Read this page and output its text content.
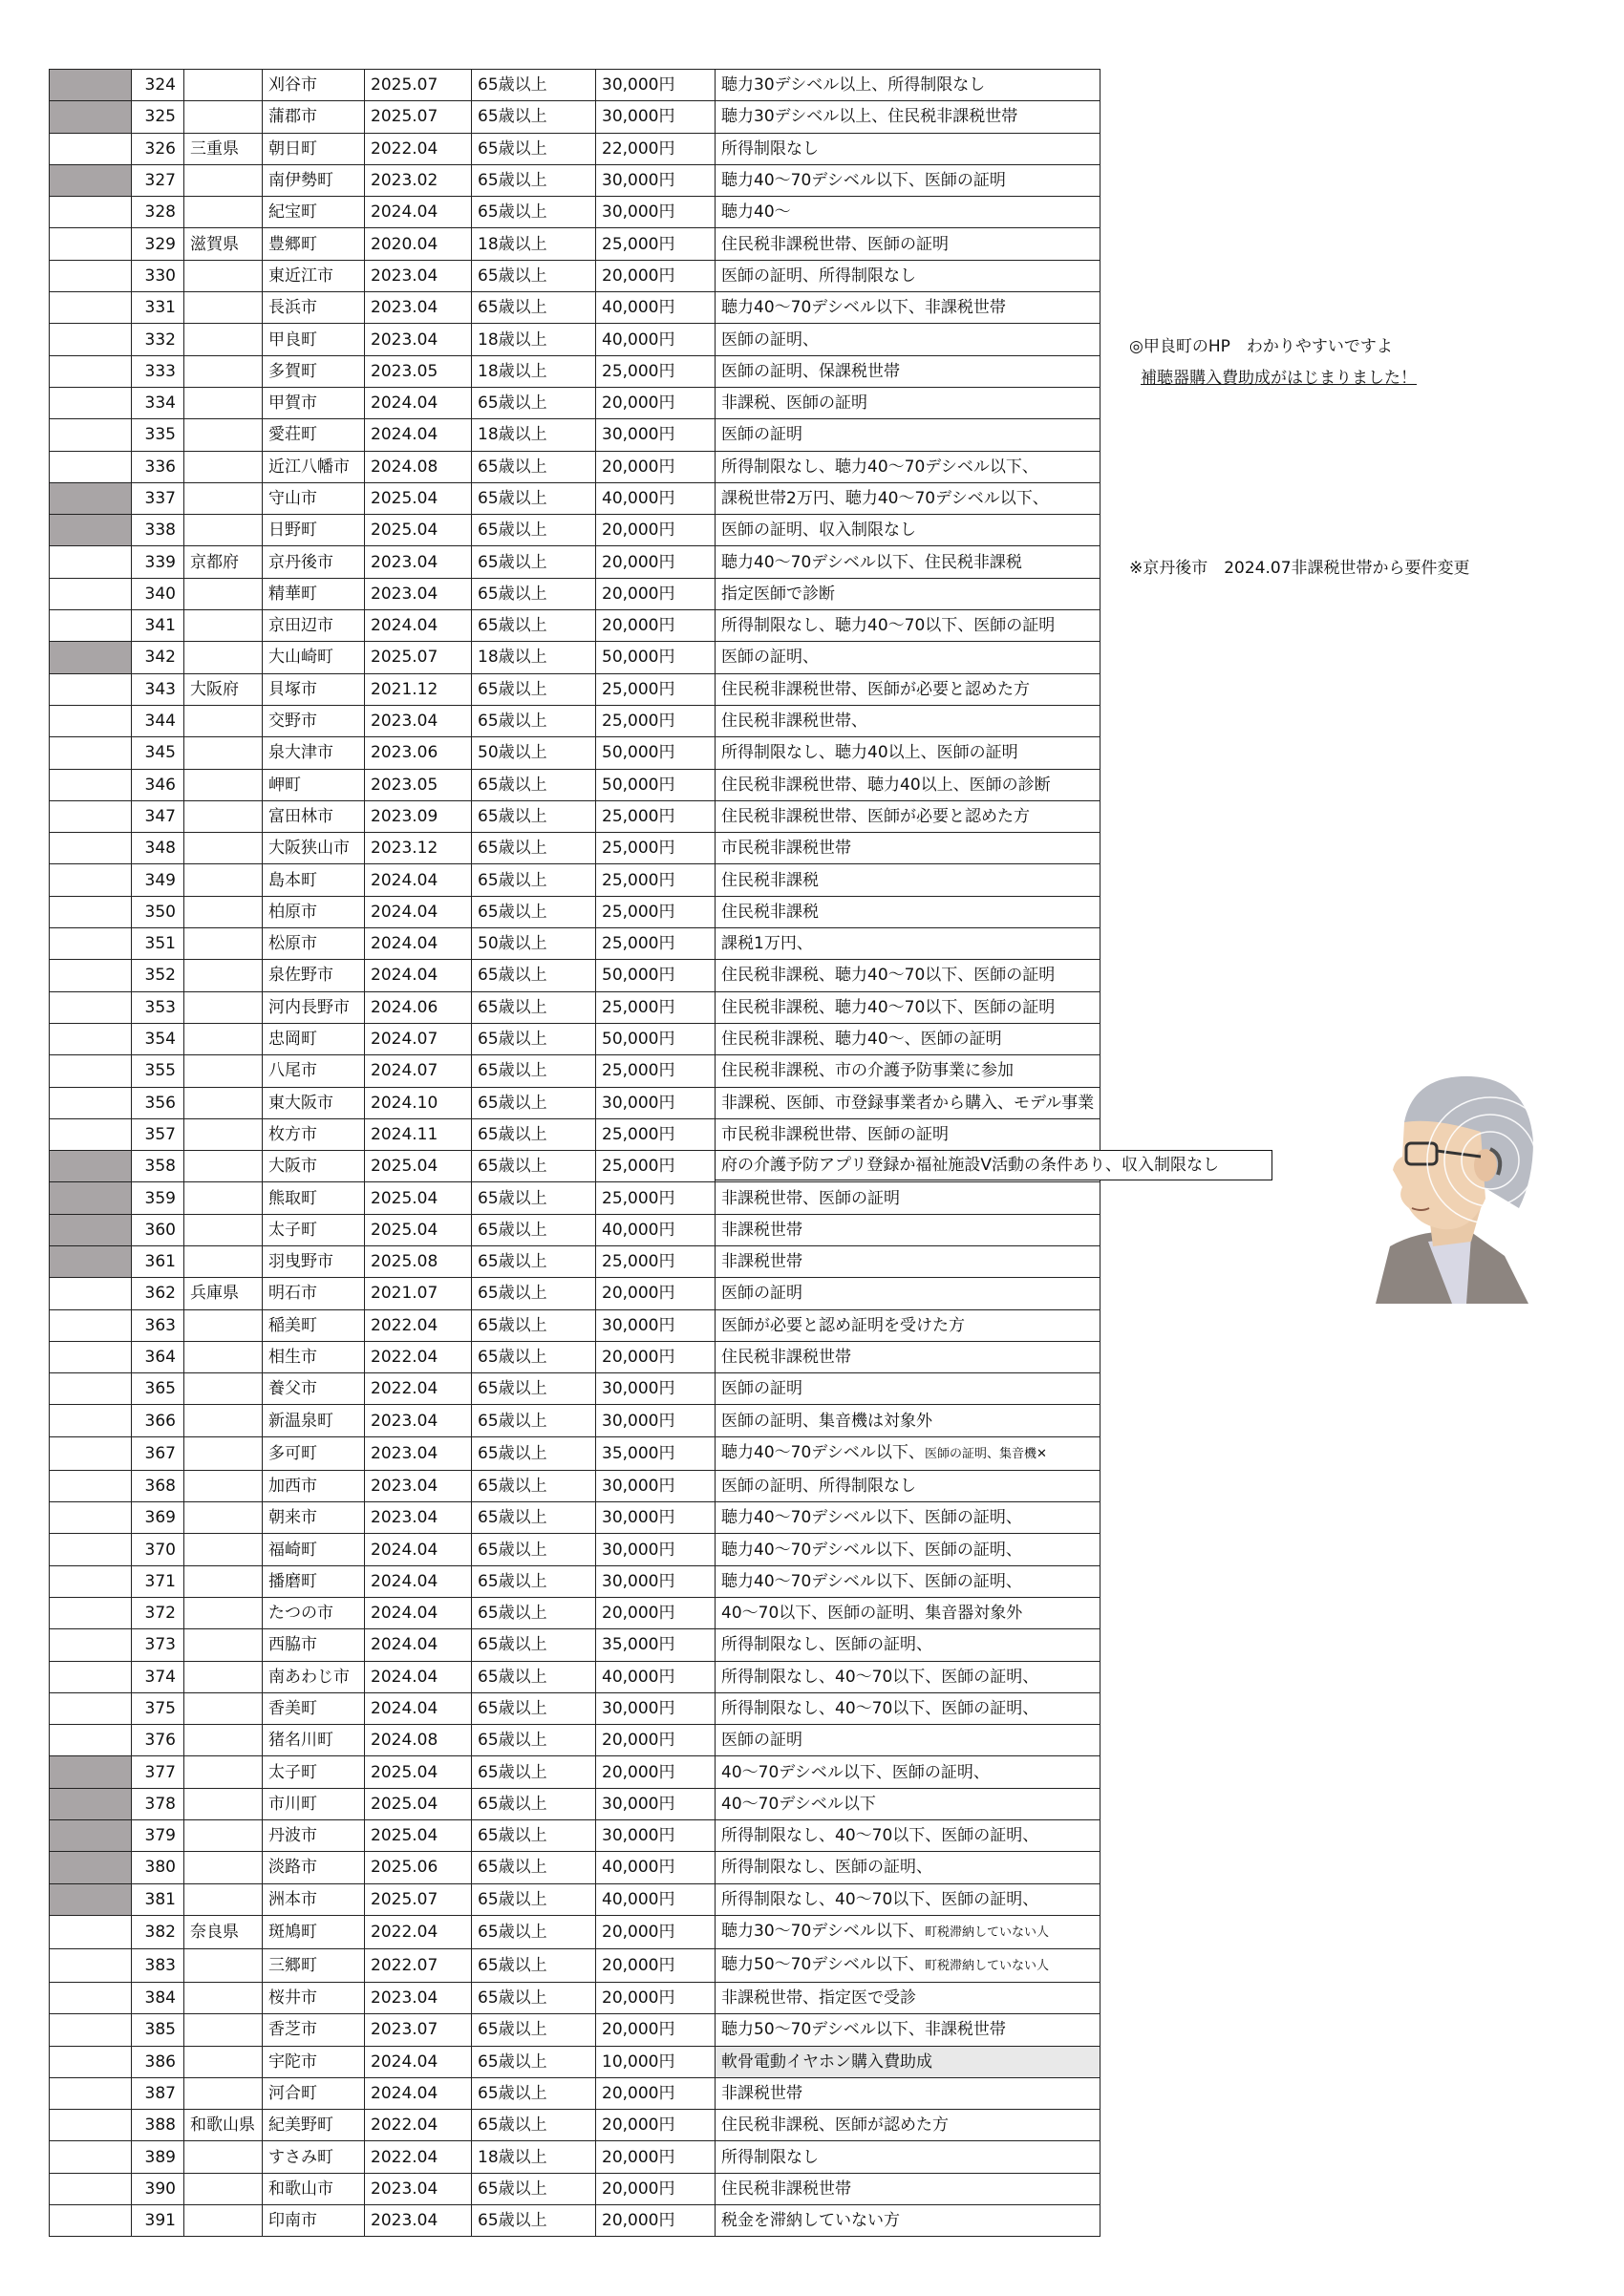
	324		刈谷市	2025.07	65歳以上	30,000円	聴力30デシベル以上、所得制限なし
	325		蒲郡市	2025.07	65歳以上	30,000円	聴力30デシベル以上、住民税非課税世帯
	326	三重県	朝日町	2022.04	65歳以上	22,000円	所得制限なし
	327		南伊勢町	2023.02	65歳以上	30,000円	聴力40～70デシベル以下、医師の証明
	328		紀宝町	2024.04	65歳以上	30,000円	聴力40～
	329	滋賀県	豊郷町	2020.04	18歳以上	25,000円	住民税非課税世帯、医師の証明
	330		東近江市	2023.04	65歳以上	20,000円	医師の証明、所得制限なし
	331		長浜市	2023.04	65歳以上	40,000円	聴力40～70デシベル以下、非課税世帯
	332		甲良町	2023.04	18歳以上	40,000円	医師の証明、
	333		多賀町	2023.05	18歳以上	25,000円	医師の証明、保課税世帯
	334		甲賀市	2024.04	65歳以上	20,000円	非課税、医師の証明
	335		愛荘町	2024.04	18歳以上	30,000円	医師の証明
	336		近江八幡市	2024.08	65歳以上	20,000円	所得制限なし、聴力40～70デシベル以下、
	337		守山市	2025.04	65歳以上	40,000円	課税世帯2万円、聴力40～70デシベル以下、
	338		日野町	2025.04	65歳以上	20,000円	医師の証明、収入制限なし
	339	京都府	京丹後市	2023.04	65歳以上	20,000円	聴力40～70デシベル以下、住民税非課税
	340		精華町	2023.04	65歳以上	20,000円	指定医師で診断
	341		京田辺市	2024.04	65歳以上	20,000円	所得制限なし、聴力40～70以下、医師の証明
	342		大山崎町	2025.07	18歳以上	50,000円	医師の証明、
	343	大阪府	貝塚市	2021.12	65歳以上	25,000円	住民税非課税世帯、医師が必要と認めた方
	344		交野市	2023.04	65歳以上	25,000円	住民税非課税世帯、
	345		泉大津市	2023.06	50歳以上	50,000円	所得制限なし、聴力40以上、医師の証明
	346		岬町	2023.05	65歳以上	50,000円	住民税非課税世帯、聴力40以上、医師の診断
	347		富田林市	2023.09	65歳以上	25,000円	住民税非課税世帯、医師が必要と認めた方
	348		大阪狭山市	2023.12	65歳以上	25,000円	市民税非課税世帯
	349		島本町	2024.04	65歳以上	25,000円	住民税非課税
	350		柏原市	2024.04	65歳以上	25,000円	住民税非課税
	351		松原市	2024.04	50歳以上	25,000円	課税1万円、
	352		泉佐野市	2024.04	65歳以上	50,000円	住民税非課税、聴力40～70以下、医師の証明
	353		河内長野市	2024.06	65歳以上	25,000円	住民税非課税、聴力40～70以下、医師の証明
	354		忠岡町	2024.07	65歳以上	50,000円	住民税非課税、聴力40～、医師の証明
	355		八尾市	2024.07	65歳以上	25,000円	住民税非課税、市の介護予防事業に参加
	356		東大阪市	2024.10	65歳以上	30,000円	非課税、医師、市登録事業者から購入、モデル事業
	357		枚方市	2024.11	65歳以上	25,000円	市民税非課税世帯、医師の証明
	358		大阪市	2025.04	65歳以上	25,000円	府の介護予防アプリ登録か福祉施設V活動の条件あり、収入制限なし

	359		熊取町	2025.04	65歳以上	25,000円	非課税世帯、医師の証明
	360		太子町	2025.04	65歳以上	40,000円	非課税世帯
	361		羽曳野市	2025.08	65歳以上	25,000円	非課税世帯
	362	兵庫県	明石市	2021.07	65歳以上	20,000円	医師の証明
	363		稲美町	2022.04	65歳以上	30,000円	医師が必要と認め証明を受けた方
	364		相生市	2022.04	65歳以上	20,000円	住民税非課税世帯
	365		養父市	2022.04	65歳以上	30,000円	医師の証明
	366		新温泉町	2023.04	65歳以上	30,000円	医師の証明、集音機は対象外
	367		多可町	2023.04	65歳以上	35,000円	聴力40～70デシベル以下、医師の証明、集音機✕
	368		加西市	2023.04	65歳以上	30,000円	医師の証明、所得制限なし
	369		朝来市	2023.04	65歳以上	30,000円	聴力40～70デシベル以下、医師の証明、
	370		福崎町	2024.04	65歳以上	30,000円	聴力40～70デシベル以下、医師の証明、
	371		播磨町	2024.04	65歳以上	30,000円	聴力40～70デシベル以下、医師の証明、
	372		たつの市	2024.04	65歳以上	20,000円	40～70以下、医師の証明、集音器対象外
	373		西脇市	2024.04	65歳以上	35,000円	所得制限なし、医師の証明、
	374		南あわじ市	2024.04	65歳以上	40,000円	所得制限なし、40～70以下、医師の証明、
	375		香美町	2024.04	65歳以上	30,000円	所得制限なし、40～70以下、医師の証明、
	376		猪名川町	2024.08	65歳以上	20,000円	医師の証明
	377		太子町	2025.04	65歳以上	20,000円	40～70デシベル以下、医師の証明、
	378		市川町	2025.04	65歳以上	30,000円	40～70デシベル以下
	379		丹波市	2025.04	65歳以上	30,000円	所得制限なし、40～70以下、医師の証明、
	380		淡路市	2025.06	65歳以上	40,000円	所得制限なし、医師の証明、
	381		洲本市	2025.07	65歳以上	40,000円	所得制限なし、40～70以下、医師の証明、
	382	奈良県	斑鳩町	2022.04	65歳以上	20,000円	聴力30～70デシベル以下、町税滞納していない人
	383		三郷町	2022.07	65歳以上	20,000円	聴力50～70デシベル以下、町税滞納していない人
	384		桜井市	2023.04	65歳以上	20,000円	非課税世帯、指定医で受診
	385		香芝市	2023.07	65歳以上	20,000円	聴力50～70デシベル以下、非課税世帯
	386		宇陀市	2024.04	65歳以上	10,000円	軟骨電動イヤホン購入費助成
	387		河合町	2024.04	65歳以上	20,000円	非課税世帯
	388	和歌山県	紀美野町	2022.04	65歳以上	20,000円	住民税非課税、医師が認めた方
	389		すさみ町	2022.04	18歳以上	20,000円	所得制限なし
	390		和歌山市	2023.04	65歳以上	20,000円	住民税非課税世帯
	391		印南市	2023.04	65歳以上	20,000円	税金を滞納していない方
◎甲良町のHP　わかりやすいですよ
補聴器購入費助成がはじまりました！
※京丹後市　2024.07非課税世帯から要件変更
